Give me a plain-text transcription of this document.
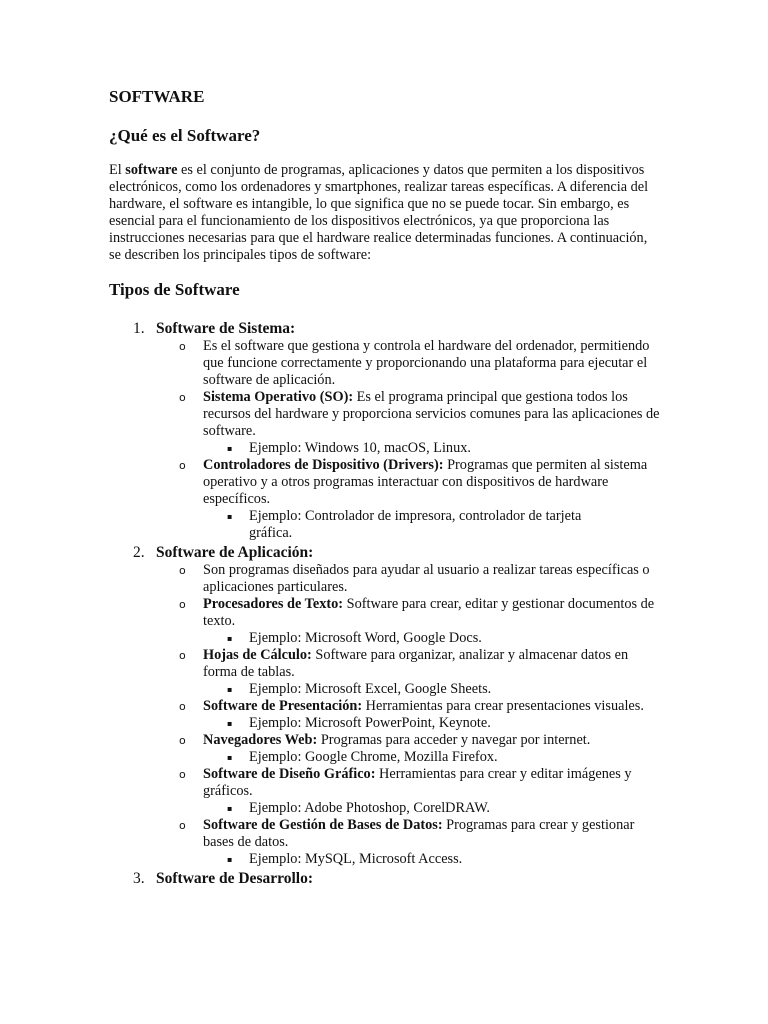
SOFTWARE
¿Qué es el Software?

El software es el conjunto de programas, aplicaciones y datos que permiten a los dispositivos electrónicos, como los ordenadores y smartphones, realizar tareas específicas. A diferencia del hardware, el software es intangible, lo que significa que no se puede tocar. Sin embargo, es esencial para el funcionamiento de los dispositivos electrónicos, ya que proporciona las instrucciones necesarias para que el hardware realice determinadas funciones. A continuación, se describen los principales tipos de software:

Tipos de Software
1. Software de Sistema:
o Es el software que gestiona y controla el hardware del ordenador, permitiendo que funcione correctamente y proporcionando una plataforma para ejecutar el software de aplicación.
o Sistema Operativo (SO): Es el programa principal que gestiona todos los recursos del hardware y proporciona servicios comunes para las aplicaciones de software.
▪ Ejemplo: Windows 10, macOS, Linux.
o Controladores de Dispositivo (Drivers): Programas que permiten al sistema operativo y a otros programas interactuar con dispositivos de hardware específicos.
▪ Ejemplo: Controlador de impresora, controlador de tarjeta gráfica.
2. Software de Aplicación:
o Son programas diseñados para ayudar al usuario a realizar tareas específicas o aplicaciones particulares.
o Procesadores de Texto: Software para crear, editar y gestionar documentos de texto.
▪ Ejemplo: Microsoft Word, Google Docs.
o Hojas de Cálculo: Software para organizar, analizar y almacenar datos en forma de tablas.
▪ Ejemplo: Microsoft Excel, Google Sheets.
o Software de Presentación: Herramientas para crear presentaciones visuales.
▪ Ejemplo: Microsoft PowerPoint, Keynote.
o Navegadores Web: Programas para acceder y navegar por internet.
▪ Ejemplo: Google Chrome, Mozilla Firefox.
o Software de Diseño Gráfico: Herramientas para crear y editar imágenes y gráficos.
▪ Ejemplo: Adobe Photoshop, CorelDRAW.
o Software de Gestión de Bases de Datos: Programas para crear y gestionar bases de datos.
▪ Ejemplo: MySQL, Microsoft Access.
3. Software de Desarrollo:
